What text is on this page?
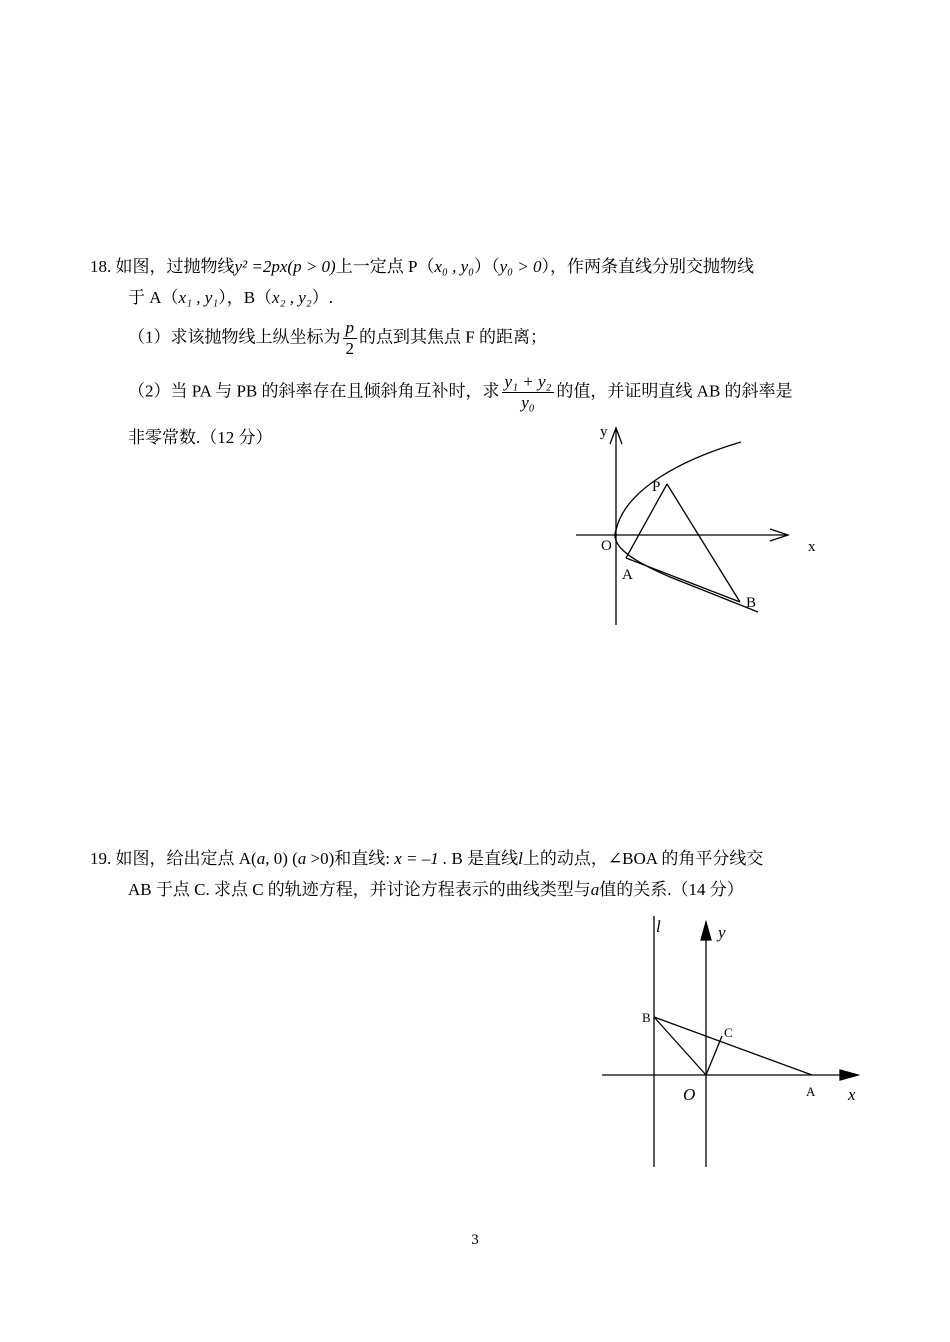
18. 如图，过抛物线y² =2px(p > 0)上一定点 P（x₀ , y₀）（y₀ > 0），作两条直线分别交抛物线
于 A（x₁ , y₁），B（x₂ , y₂）.
（1）求该抛物线上纵坐标为 $\frac{p}{2}$ 的点到其焦点 F 的距离；
（2）当 PA 与 PB 的斜率存在且倾斜角互补时，求 $\frac{\text{y₁ + y₂}}{\text{y₀}}$ 的值，并证明直线 AB 的斜率是
非零常数.（12 分）	y
P
O	x
A
B
19. 如图，给出定点 A(a, 0) (a >0)和直线: x = –1 . B 是直线l上的动点，∠BOA 的角平分线交
AB 于点 C. 求点 C 的轨迹方程，并讨论方程表示的曲线类型与a值的关系.（14 分）
l	y
B
C
O	A x
3
